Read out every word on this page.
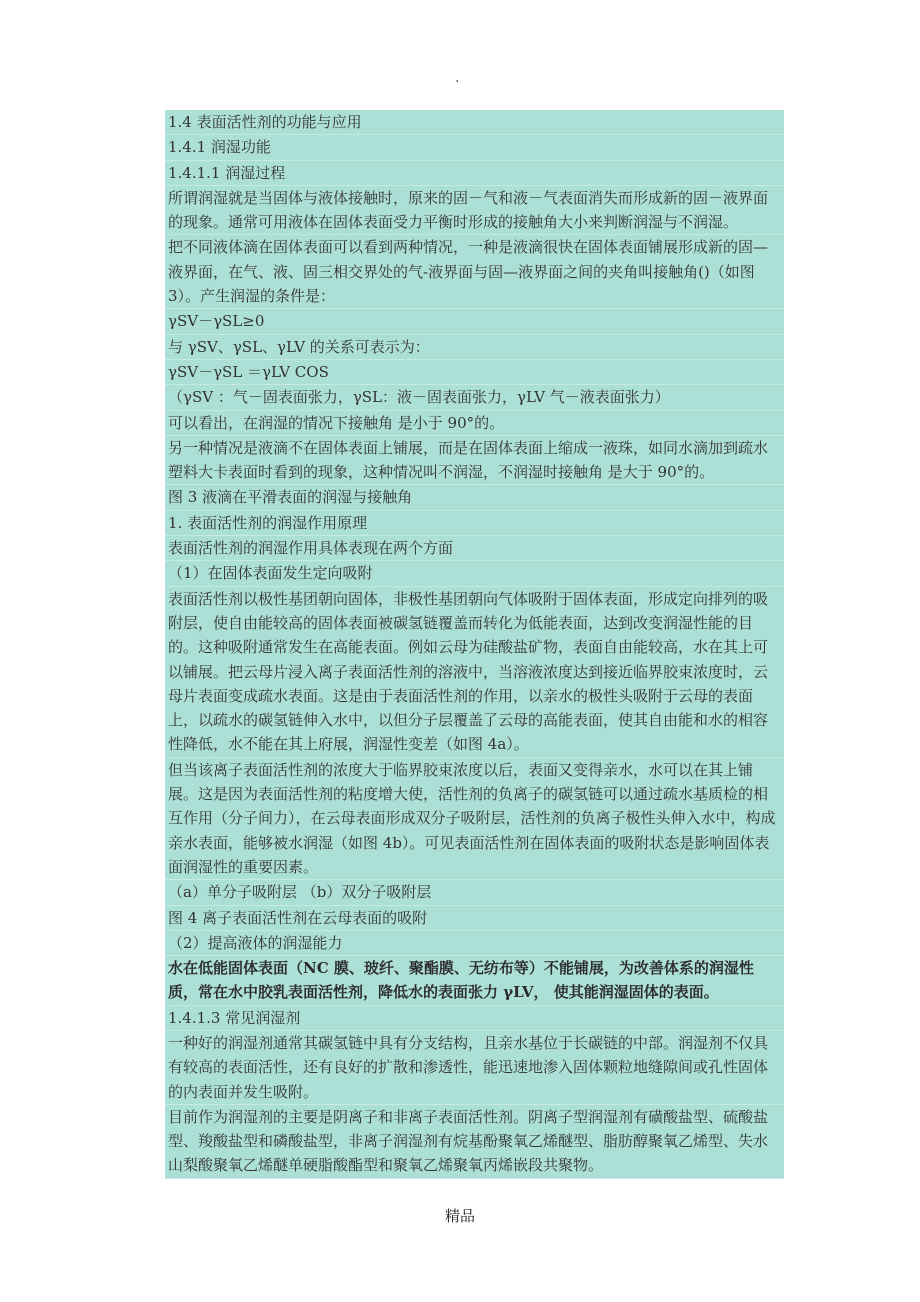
.

1.4 表面活性剂的功能与应用

1.4.1 润湿功能

1.4.1.1 润湿过程

所谓润湿就是当固体与液体接触时，原来的固－气和液－气表面消失而形成新的固－液界面的现象。通常可用液体在固体表面受力平衡时形成的接触角大小来判断润湿与不润湿。

把不同液体滴在固体表面可以看到两种情况，一种是液滴很快在固体表面铺展形成新的固—液界面，在气、液、固三相交界处的气-液界面与固—液界面之间的夹角叫接触角()（如图 3）。产生润湿的条件是：

γSV－γSL≥0

与 γSV、γSL、γLV 的关系可表示为：

γSV－γSL ＝γLV COS

（γSV ：气－固表面张力，γSL：液－固表面张力，γLV 气－液表面张力）

可以看出，在润湿的情况下接触角 是小于 90°的。

另一种情况是液滴不在固体表面上铺展，而是在固体表面上缩成一液珠，如同水滴加到疏水塑料大卡表面时看到的现象，这种情况叫不润湿，不润湿时接触角 是大于 90°的。

图 3 液滴在平滑表面的润湿与接触角

1. 表面活性剂的润湿作用原理

表面活性剂的润湿作用具体表现在两个方面

（1）在固体表面发生定向吸附

表面活性剂以极性基团朝向固体，非极性基团朝向气体吸附于固体表面，形成定向排列的吸附层，使自由能较高的固体表面被碳氢链覆盖而转化为低能表面，达到改变润湿性能的目的。这种吸附通常发生在高能表面。例如云母为硅酸盐矿物，表面自由能较高，水在其上可以铺展。把云母片浸入离子表面活性剂的溶液中，当溶液浓度达到接近临界胶束浓度时，云母片表面变成疏水表面。这是由于表面活性剂的作用，以亲水的极性头吸附于云母的表面上，以疏水的碳氢链伸入水中，以但分子层覆盖了云母的高能表面，使其自由能和水的相容性降低，水不能在其上府展，润湿性变差（如图 4a）。

但当该离子表面活性剂的浓度大于临界胶束浓度以后，表面又变得亲水，水可以在其上铺展。这是因为表面活性剂的粘度增大使，活性剂的负离子的碳氢链可以通过疏水基质检的相互作用（分子间力），在云母表面形成双分子吸附层，活性剂的负离子极性头伸入水中，构成亲水表面，能够被水润湿（如图 4b）。可见表面活性剂在固体表面的吸附状态是影响固体表面润湿性的重要因素。

（a）单分子吸附层 （b）双分子吸附层

图 4 离子表面活性剂在云母表面的吸附

（2）提高液体的润湿能力

水在低能固体表面（NC 膜、玻纤、聚酯膜、无纺布等）不能铺展，为改善体系的润湿性质，常在水中胶乳表面活性剂，降低水的表面张力 γLV， 使其能润湿固体的表面。

1.4.1.3 常见润湿剂

一种好的润湿剂通常其碳氢链中具有分支结构，且亲水基位于长碳链的中部。润湿剂不仅具有较高的表面活性，还有良好的扩散和渗透性，能迅速地渗入固体颗粒地缝隙间或孔性固体的内表面并发生吸附。

目前作为润湿剂的主要是阴离子和非离子表面活性剂。阴离子型润湿剂有磺酸盐型、硫酸盐型、羧酸盐型和磷酸盐型，非离子润湿剂有烷基酚聚氧乙烯醚型、脂肪醇聚氧乙烯型、失水山梨酸聚氧乙烯醚单硬脂酸酯型和聚氧乙烯聚氧丙烯嵌段共聚物。

精品
